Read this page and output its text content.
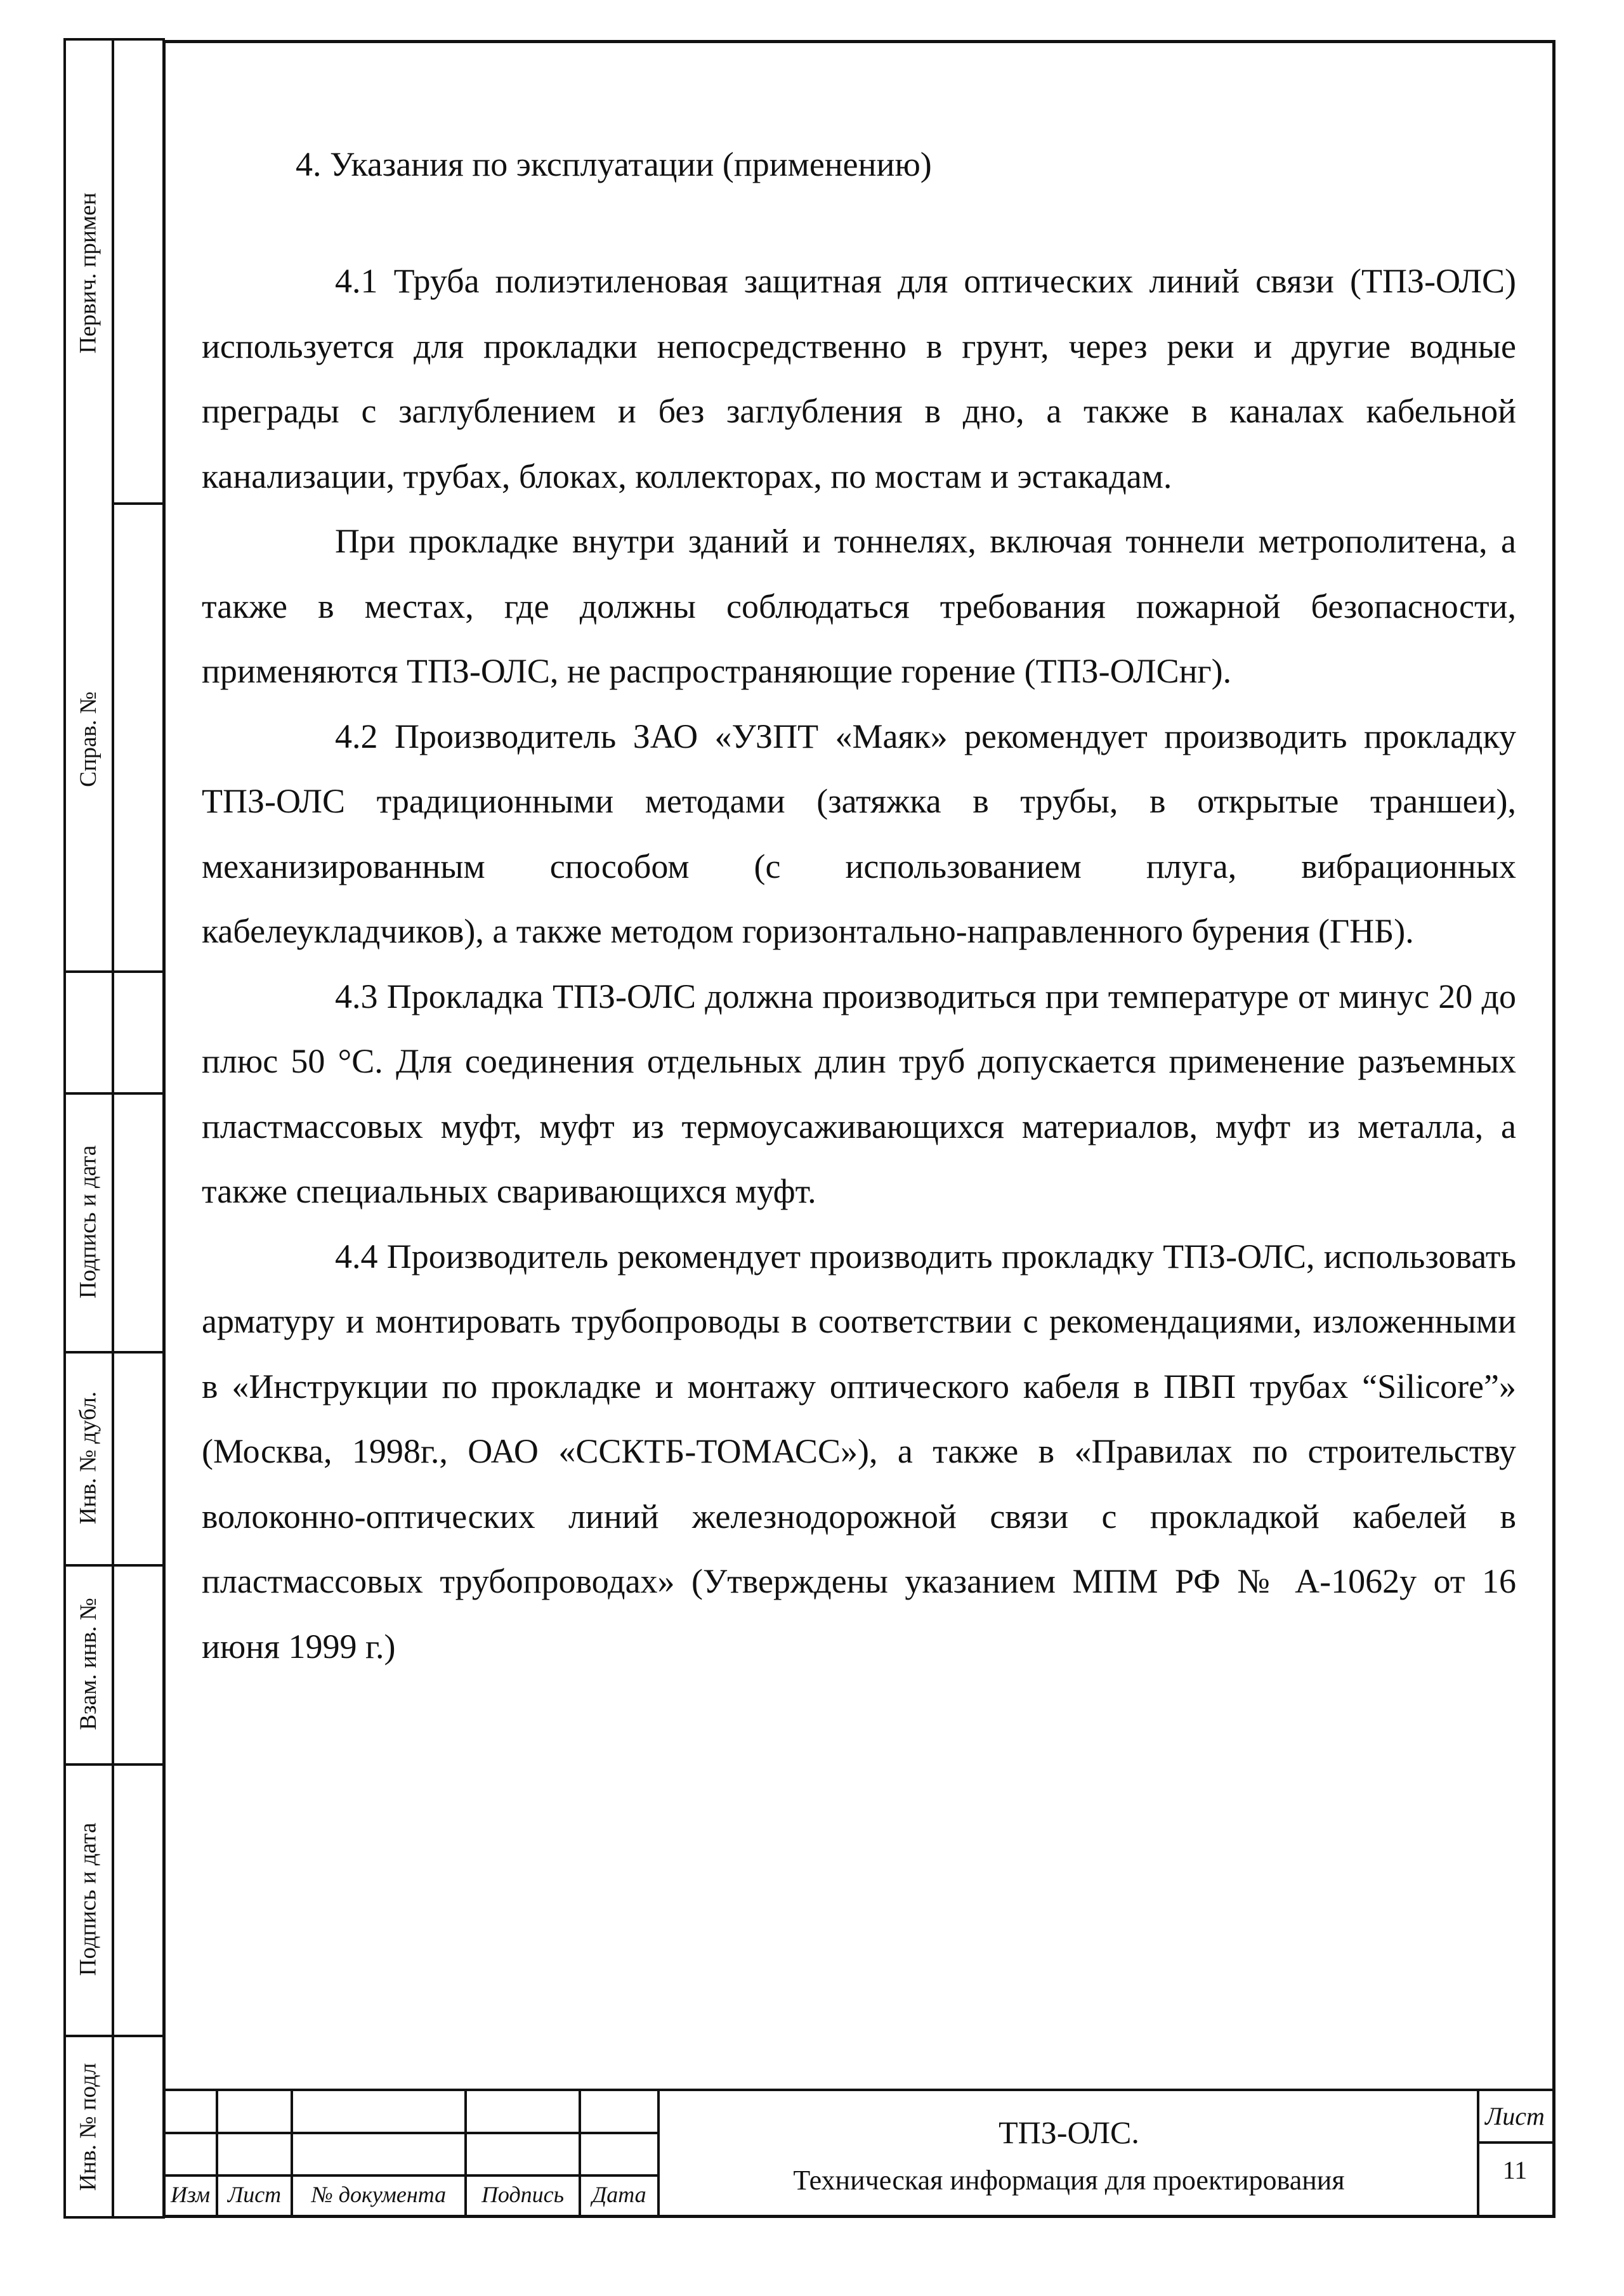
Первич. примен
Справ. №
Подпись и дата
Инв. № дубл.
Взам. инв. №
Подпись и дата
Инв. № подл
4. Указания по эксплуатации (применению)

4.1 Труба полиэтиленовая защитная для оптических линий связи (ТПЗ-ОЛС) используется для прокладки непосредственно в грунт, через реки и другие водные преграды с заглублением и без заглубления в дно, а также в каналах кабельной канализации, трубах, блоках, коллекторах, по мостам и эстакадам.

При прокладке внутри зданий и тоннелях, включая тоннели метрополитена, а также в местах, где должны соблюдаться требования пожарной безопасности, применяются ТПЗ-ОЛС, не распространяющие горение (ТПЗ-ОЛСнг).

4.2 Производитель ЗАО «УЗПТ «Маяк» рекомендует производить прокладку ТПЗ-ОЛС традиционными методами (затяжка в трубы, в открытые траншеи), механизированным способом (с использованием плуга, вибрационных кабелеукладчиков), а также методом горизонтально-направленного бурения (ГНБ).

4.3 Прокладка ТПЗ-ОЛС должна производиться при температуре от минус 20 до плюс 50 °С. Для соединения отдельных длин труб допускается применение разъемных пластмассовых муфт, муфт из термоусаживающихся материалов, муфт из металла, а также специальных сваривающихся муфт.

4.4 Производитель рекомендует производить прокладку ТПЗ-ОЛС, использовать арматуру и монтировать трубопроводы в соответствии с рекомендациями, изложенными в «Инструкции по прокладке и монтажу оптического кабеля в ПВП трубах “Silicore”» (Москва, 1998г., ОАО «ССКТБ-ТОМАСС»), а также в «Правилах по строительству волоконно-оптических линий железнодорожной связи с прокладкой кабелей в пластмассовых трубопроводах» (Утверждены указанием МПМ РФ № А-1062у от 16 июня 1999 г.)

Изм Лист	№ документа	Подпись	Дата
ТПЗ-ОЛС.
Техническая информация для проектирования
Лист
11
